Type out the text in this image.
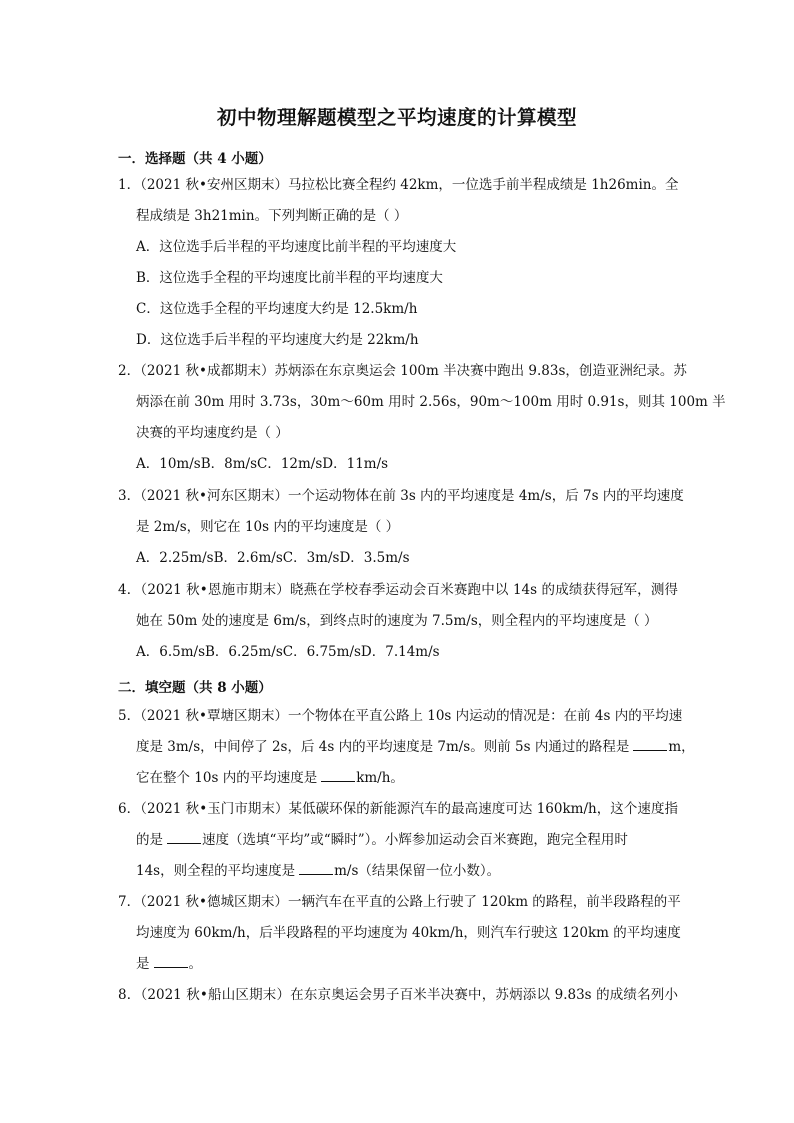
初中物理解题模型之平均速度的计算模型
一．选择题（共 4 小题）
1．（2021 秋•安州区期末）马拉松比赛全程约 42km，一位选手前半程成绩是 1h26min。全
程成绩是 3h21min。下列判断正确的是（ ）
A．这位选手后半程的平均速度比前半程的平均速度大
B．这位选手全程的平均速度比前半程的平均速度大
C．这位选手全程的平均速度大约是 12.5km/h
D．这位选手后半程的平均速度大约是 22km/h
2．（2021 秋•成都期末）苏炳添在东京奥运会 100m 半决赛中跑出 9.83s，创造亚洲纪录。苏
炳添在前 30m 用时 3.73s，30m～60m 用时 2.56s，90m～100m 用时 0.91s，则其 100m 半
决赛的平均速度约是（ ）
A．10m/sB．8m/sC．12m/sD．11m/s
3．（2021 秋•河东区期末）一个运动物体在前 3s 内的平均速度是 4m/s，后 7s 内的平均速度
是 2m/s，则它在 10s 内的平均速度是（ ）
A．2.25m/sB．2.6m/sC．3m/sD．3.5m/s
4．（2021 秋•恩施市期末）晓燕在学校春季运动会百米赛跑中以 14s 的成绩获得冠军，测得
她在 50m 处的速度是 6m/s，到终点时的速度为 7.5m/s，则全程内的平均速度是（ ）
A．6.5m/sB．6.25m/sC．6.75m/sD．7.14m/s
二．填空题（共 8 小题）
5．（2021 秋•覃塘区期末）一个物体在平直公路上 10s 内运动的情况是：在前 4s 内的平均速
度是 3m/s，中间停了 2s，后 4s 内的平均速度是 7m/s。则前 5s 内通过的路程是	m，
它在整个 10s 内的平均速度是	km/h。
6．（2021 秋•玉门市期末）某低碳环保的新能源汽车的最高速度可达 160km/h，这个速度指
的是	速度（选填“平均”或“瞬时”）。小辉参加运动会百米赛跑，跑完全程用时
14s，则全程的平均速度是	m/s（结果保留一位小数）。
7．（2021 秋•德城区期末）一辆汽车在平直的公路上行驶了 120km 的路程，前半段路程的平
均速度为 60km/h，后半段路程的平均速度为 40km/h，则汽车行驶这 120km 的平均速度
是	。
8．（2021 秋•船山区期末）在东京奥运会男子百米半决赛中，苏炳添以 9.83s 的成绩名列小
